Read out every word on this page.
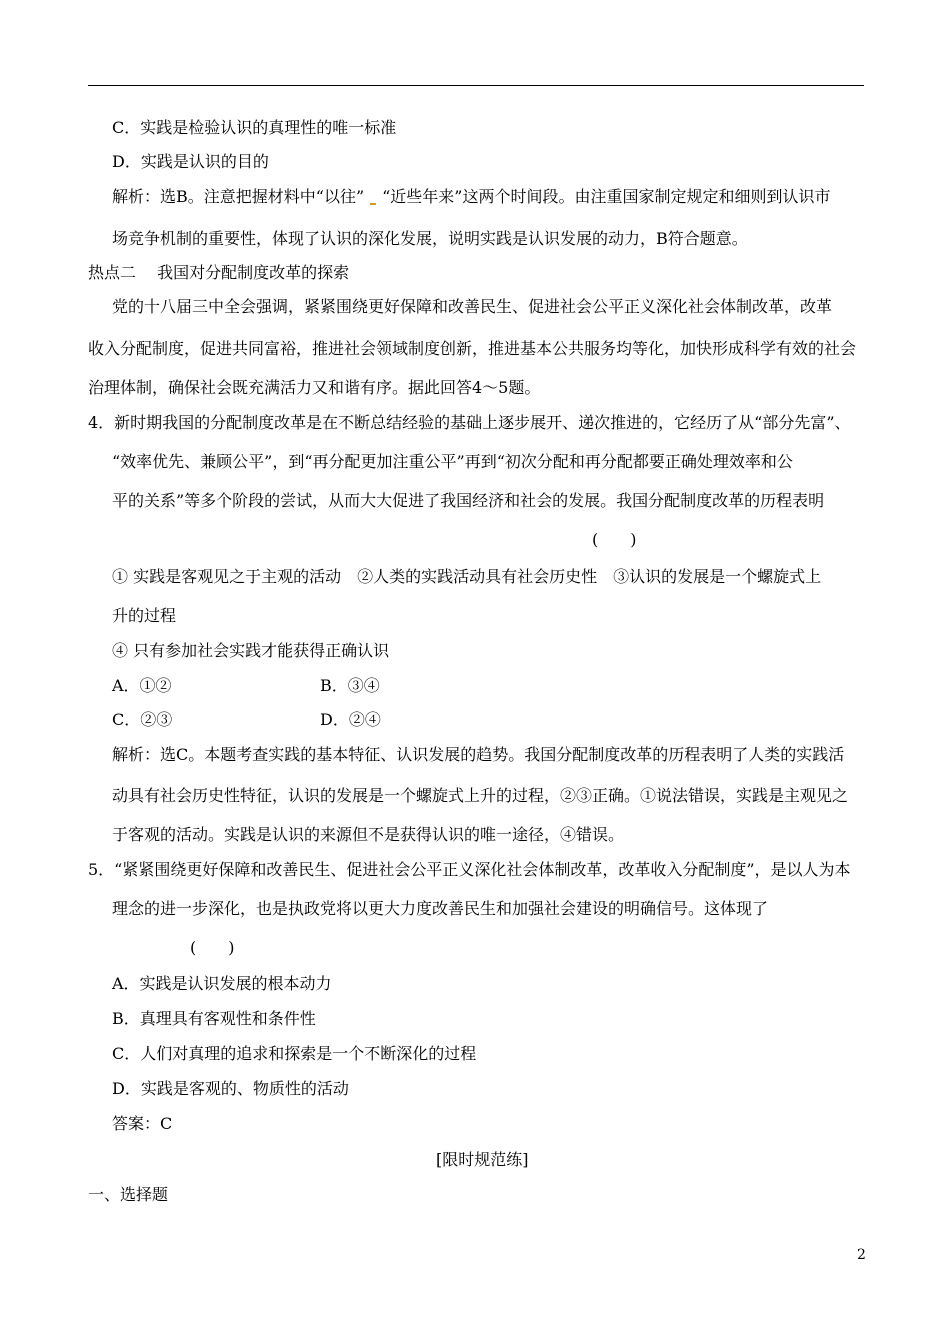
C．实践是检验认识的真理性的唯一标准
D．实践是认识的目的
解析：选B。注意把握材料中“以往” “近些年来”这两个时间段。由注重国家制定规定和细则到认识市
场竞争机制的重要性，体现了认识的深化发展，说明实践是认识发展的动力，B符合题意。
热点二　 我国对分配制度改革的探索
党的十八届三中全会强调，紧紧围绕更好保障和改善民生、促进社会公平正义深化社会体制改革，改革
收入分配制度，促进共同富裕，推进社会领域制度创新，推进基本公共服务均等化，加快形成科学有效的社会
治理体制，确保社会既充满活力又和谐有序。据此回答4～5题。
4．新时期我国的分配制度改革是在不断总结经验的基础上逐步展开、递次推进的，它经历了从“部分先富”、
“效率优先、兼顾公平”，到“再分配更加注重公平”再到“初次分配和再分配都要正确处理效率和公
平的关系”等多个阶段的尝试，从而大大促进了我国经济和社会的发展。我国分配制度改革的历程表明
(　　)
① 实践是客观见之于主观的活动　②人类的实践活动具有社会历史性　③认识的发展是一个螺旋式上
升的过程
④ 只有参加社会实践才能获得正确认识
A．①②	B．③④
C．②③	D．②④
解析：选C。本题考查实践的基本特征、认识发展的趋势。我国分配制度改革的历程表明了人类的实践活
动具有社会历史性特征，认识的发展是一个螺旋式上升的过程，②③正确。①说法错误，实践是主观见之
于客观的活动。实践是认识的来源但不是获得认识的唯一途径，④错误。
5．“紧紧围绕更好保障和改善民生、促进社会公平正义深化社会体制改革，改革收入分配制度”，是以人为本
理念的进一步深化，也是执政党将以更大力度改善民生和加强社会建设的明确信号。这体现了
(　　)
A．实践是认识发展的根本动力
B．真理具有客观性和条件性
C．人们对真理的追求和探索是一个不断深化的过程
D．实践是客观的、物质性的活动
答案：C
[限时规范练]
一、选择题
2
